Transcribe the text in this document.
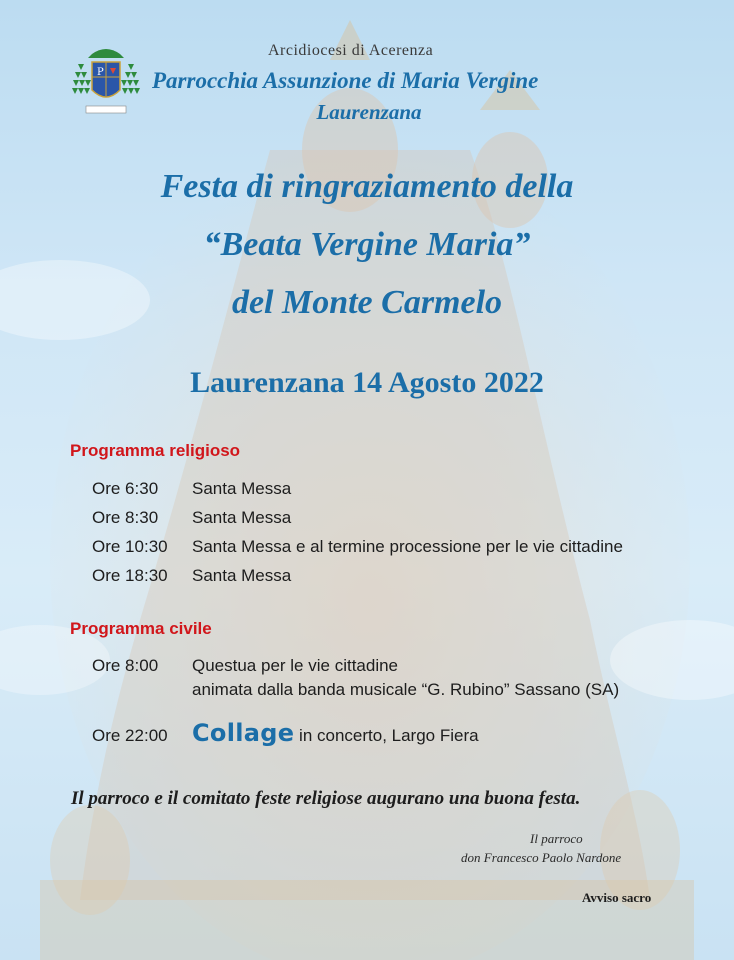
P
Arcidiocesi di Acerenza
Parrocchia Assunzione di Maria Vergine
Laurenzana
Festa di ringraziamento della
“Beata Vergine Maria”
del Monte Carmelo
Laurenzana 14 Agosto 2022
Programma religioso
Ore 6:30 Santa Messa
Ore 8:30 Santa Messa
Ore 10:30 Santa Messa e al termine processione per le vie cittadine
Ore 18:30 Santa Messa
Programma civile
Ore 8:00 Questua per le vie cittadine
animata dalla banda musicale “G. Rubino” Sassano (SA)
Ore 22:00 Collage in concerto, Largo Fiera
Il parroco e il comitato feste religiose augurano una buona festa.
Il parroco
don Francesco Paolo Nardone
Avviso sacro
